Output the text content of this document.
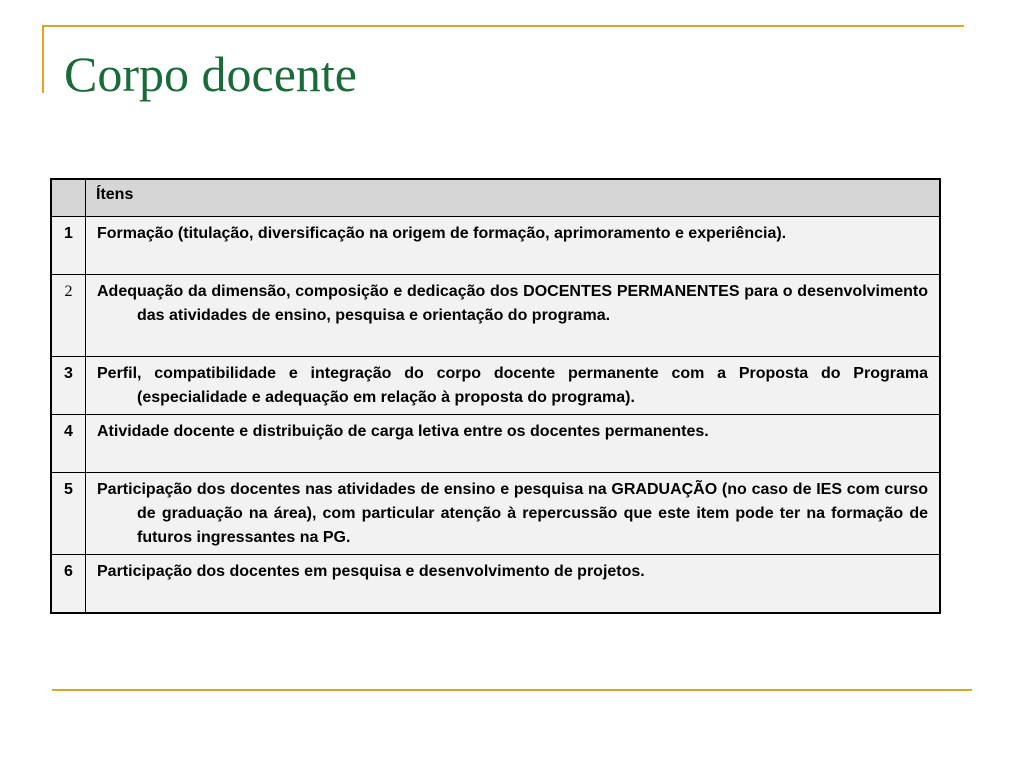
Corpo docente
	Ítens
1	Formação (titulação, diversificação na origem de formação, aprimoramento e experiência).

2	Adequação da dimensão, composição e dedicação dos DOCENTES PERMANENTES para o desenvolvimento das atividades de ensino, pesquisa e orientação do programa.

3	Perfil, compatibilidade e integração do corpo docente permanente com a Proposta do Programa (especialidade e adequação em relação à proposta do programa).

4	Atividade docente e distribuição de carga letiva entre os docentes permanentes.

5	Participação dos docentes nas atividades de ensino e pesquisa na GRADUAÇÃO (no caso de IES com curso de graduação na área), com particular atenção à repercussão que este item pode ter na formação de futuros ingressantes na PG.

6	Participação dos docentes em pesquisa e desenvolvimento de projetos.
